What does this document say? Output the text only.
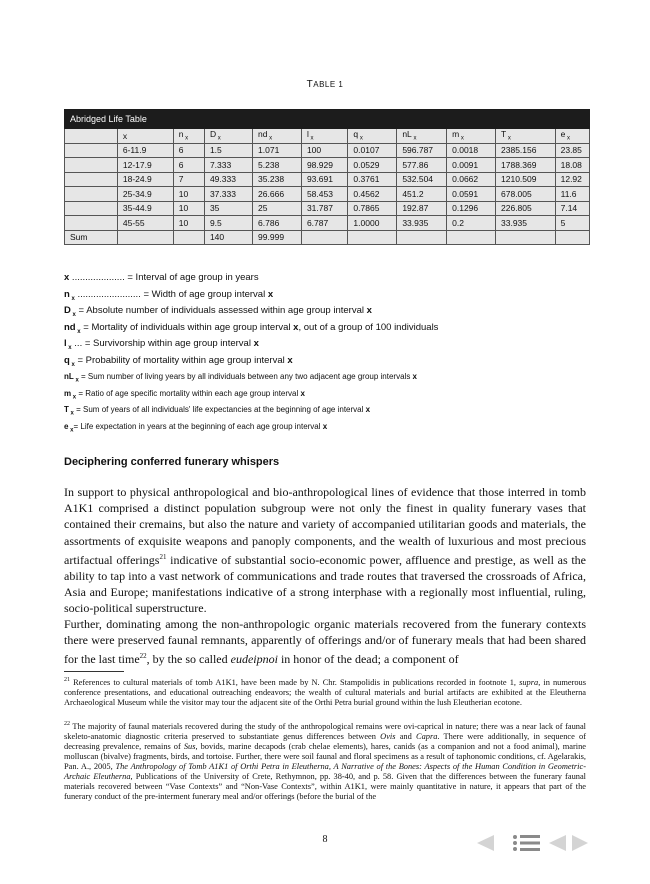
TABLE 1
Abridged Life Table										
	x	n $_x$	D $_x$	nd $_x$	l $_x$	q $_x$	nL $_x$	m $_x$	T $_x$	e $_x$
	6-11.9	6	1.5	1.071	100	0.0107	596.787	0.0018	2385.156	23.85
	12-17.9	6	7.333	5.238	98.929	0.0529	577.86	0.0091	1788.369	18.08
	18-24.9	7	49.333	35.238	93.691	0.3761	532.504	0.0662	1210.509	12.92
	25-34.9	10	37.333	26.666	58.453	0.4562	451.2	0.0591	678.005	11.6
	35-44.9	10	35	25	31.787	0.7865	192.87	0.1296	226.805	7.14
	45-55	10	9.5	6.786	6.787	1.0000	33.935	0.2	33.935	5
Sum			140	99.999						
x .................... = Interval of age group in years
n $_x$ ........................ = Width of age group interval x
D $_x$ = Absolute number of individuals assessed within age group interval x
nd $_x$ = Mortality of individuals within age group interval x, out of a group of 100 individuals
l $_x$ ... = Survivorship within age group interval x
q $_x$ = Probability of mortality within age group interval x
nL $_x$ = Sum number of living years by all individuals between any two adjacent age group intervals x
m $_x$ = Ratio of age specific mortality within each age group interval x
T $_x$ = Sum of years of all individuals' life expectancies at the beginning of age interval x
e $_x$= Life expectation in years at the beginning of each age group interval x
Deciphering conferred funerary whispers
In support to physical anthropological and bio-anthropological lines of evidence that those interred in tomb A1K1 comprised a distinct population subgroup were not only the finest in quality funerary vases that contained their cremains, but also the nature and variety of accompanied utilitarian goods and materials, the assortments of exquisite weapons and panoply components, and the wealth of luxurious and most precious artifactual offerings$^{21}$ indicative of substantial socio-economic power, affluence and prestige, as well as the ability to tap into a vast network of communications and trade routes that traversed the crossroads of Africa, Asia and Europe; manifestations indicative of a strong interphase with a regionally most influential, ruling, socio-political superstructure.
Further, dominating among the non-anthropologic organic materials recovered from the funerary contexts there were preserved faunal remnants, apparently of offerings and/or of funerary meals that had been shared for the last time$^{22}$, by the so called eudeipnoi in honor of the dead; a component of
$^{21}$ References to cultural materials of tomb A1K1, have been made by N. Chr. Stampolidis in publications recorded in footnote 1, supra, in numerous conference presentations, and educational outreaching endeavors; the wealth of cultural materials and burial artifacts are exhibited at the Eleutherna Archaeological Museum while the visitor may tour the adjacent site of the Orthi Petra burial ground within the lush Eleutherian ecotone.
$^{22}$ The majority of faunal materials recovered during the study of the anthropological remains were ovi-caprical in nature; there was a near lack of faunal skeleto-anatomic diagnostic criteria preserved to substantiate genus differences between Ovis and Capra. There were additionally, in sequence of decreasing prevalence, remains of Sus, bovids, marine decapods (crab chelae elements), hares, canids (as a companion and not a food animal), marine molluscan (bivalve) fragments, birds, and tortoise. Further, there were soil faunal and floral specimens as a result of taphonomic conditions, cf. Agelarakis, Pan. A., 2005, The Anthropology of Tomb A1K1 of Orthi Petra in Eleutherna, A Narrative of the Bones: Aspects of the Human Condition in Geometric-Archaic Eleutherna, Publications of the University of Crete, Rethymnon, pp. 38-40, and p. 58. Given that the differences between the funerary faunal materials recovered between “Vase Contexts” and “Non-Vase Contexts”, within A1K1, were mainly quantitative in nature, it appears that part of the funerary conduct of the pre-interment funerary meal and/or offerings (before the burial of the
8
